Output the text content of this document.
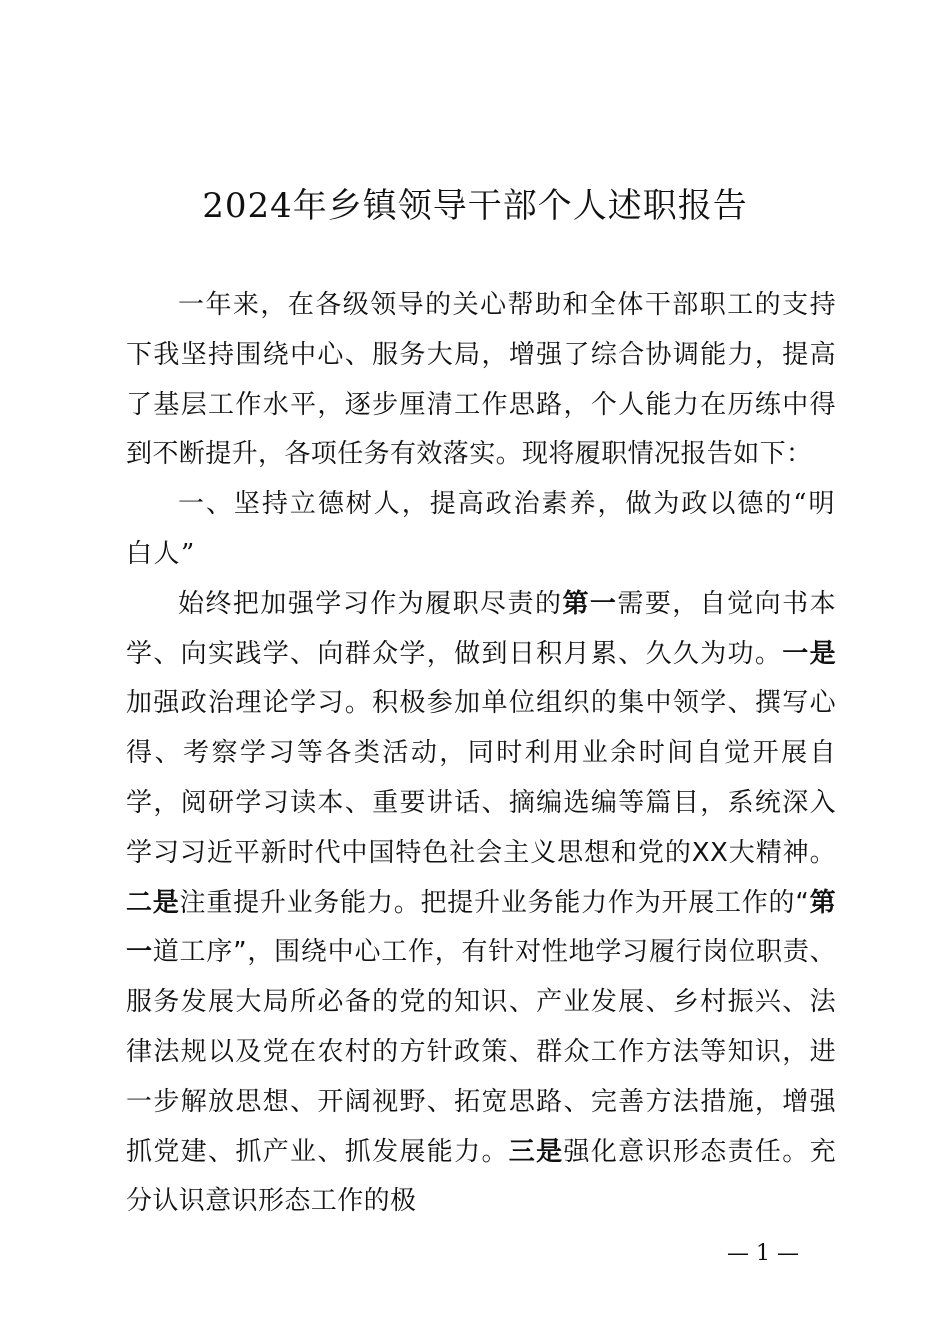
2024年乡镇领导干部个人述职报告

一年来，在各级领导的关心帮助和全体干部职工的支持下我坚持围绕中心、服务大局，增强了综合协调能力，提高了基层工作水平，逐步厘清工作思路，个人能力在历练中得到不断提升，各项任务有效落实。现将履职情况报告如下：

一、坚持立德树人，提高政治素养，做为政以德的“明白人”

始终把加强学习作为履职尽责的第一需要，自觉向书本学、向实践学、向群众学，做到日积月累、久久为功。一是加强政治理论学习。积极参加单位组织的集中领学、撰写心得、考察学习等各类活动，同时利用业余时间自觉开展自学，阅研学习读本、重要讲话、摘编选编等篇目，系统深入学习习近平新时代中国特色社会主义思想和党的XX大精神。二是注重提升业务能力。把提升业务能力作为开展工作的“第一道工序”，围绕中心工作，有针对性地学习履行岗位职责、服务发展大局所必备的党的知识、产业发展、乡村振兴、法律法规以及党在农村的方针政策、群众工作方法等知识，进一步解放思想、开阔视野、拓宽思路、完善方法措施，增强抓党建、抓产业、抓发展能力。三是强化意识形态责任。充分认识意识形态工作的极

— 1 —
